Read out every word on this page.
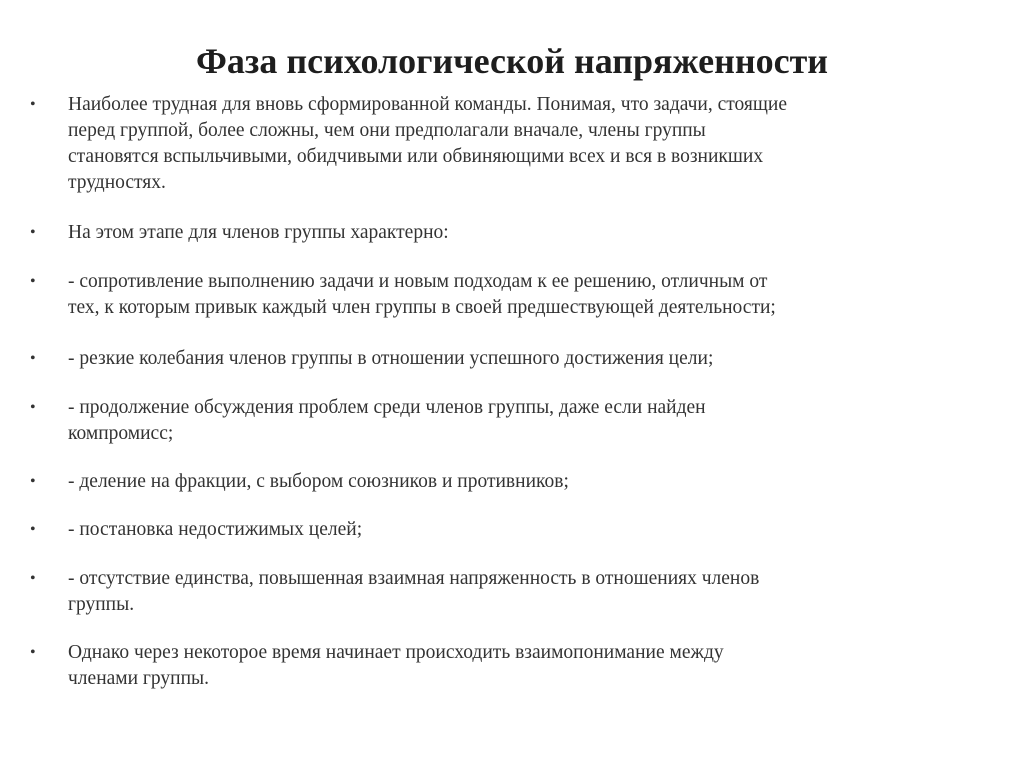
Фаза психологической напряженности
•	Наиболее трудная для вновь сформированной команды. Понимая, что задачи, стоящие
перед группой, более сложны, чем они предполагали вначале, члены группы
становятся вспыльчивыми, обидчивыми или обвиняющими всех и вся в возникших
трудностях.
•	На этом этапе для членов группы характерно:
•	- сопротивление выполнению задачи и новым подходам к ее решению, отличным от
тех, к которым привык каждый член группы в своей предшествующей деятельности;
•	- резкие колебания членов группы в отношении успешного достижения цели;
•	- продолжение обсуждения проблем среди членов группы, даже если найден
компромисс;
•	- деление на фракции, с выбором союзников и противников;
•	- постановка недостижимых целей;
•	- отсутствие единства, повышенная взаимная напряженность в отношениях членов
группы.
•	Однако через некоторое время начинает происходить взаимопонимание между
членами группы.
